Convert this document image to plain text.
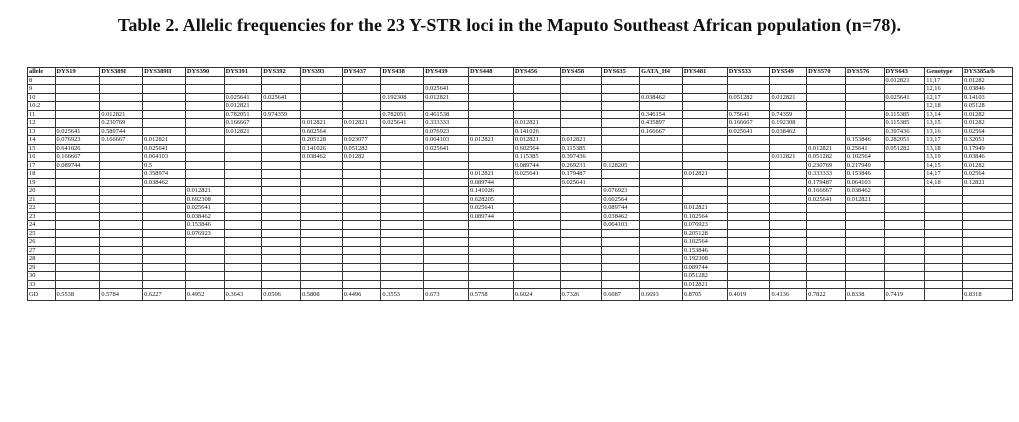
Table 2. Allelic frequencies for the 23 Y-STR loci in the Maputo Southeast African population (n=78).
allele	DYS19	DYS389I	DYS389II	DYS390	DYS391	DYS392	DYS393	DYS437	DYS438	DYS439	DYS448	DYS456	DYS458	DYS635	GATA_H4	DYS481	DYS533	DYS549	DYS570	DYS576	DYS643	Genotype	DYS385a/b
8																					0.012821	11,17	0.01282
9										0.025641												12,16	0.03846
10					0.025641	0.025641			0.192308	0.012821					0.038462		0.051282	0.012821			0.025641	12,17	0.14103
10.2					0.012821																	12,18	0.05128
11		0.012821			0.782051	0.974359			0.782051	0.461538					0.346154		0.75641	0.74359			0.115385	13,14	0.01282
12		0.230769			0.166667		0.012821	0.012821	0.025641	0.333333		0.012821			0.435897		0.166667	0.192308			0.115385	13,15	0.01282
13	0.025641	0.589744			0.012821		0.602564			0.076923		0.141026			0.166667		0.025641	0.038462			0.397436	13,16	0.02564
14	0.076923	0.166667	0.012821				0.205128	0.923077		0.064103	0.012821	0.012821	0.012821							0.153846	0.282051	13,17	0.32051
15	0.641026		0.025641				0.141026	0.051282		0.025641		0.602564	0.115385						0.012821	0.25641	0.051282	13,18	0.17949
16	0.166667		0.064103				0.038462	0.01282				0.115385	0.397436					0.012821	0.051282	0.102564		13,19	0.03846
17	0.089744		0.5									0.089744	0.269231	0.128205					0.230769	0.217949		14,15	0.01282
18			0.358974								0.012821	0.025641	0.179487			0.012821			0.333333	0.153846		14,17	0.02564
19			0.038462								0.089744		0.025641						0.179487	0.064103		14,18	0.12821
20				0.012821							0.141026			0.076923					0.166667	0.038462			
21				0.692308							0.628205			0.602564					0.025641	0.012821			
22				0.025641							0.025641			0.089744		0.012821							
23				0.038462							0.089744			0.038462		0.102564							
24				0.153846										0.064103		0.076923							
25				0.076923												0.205128							
26																0.102564							
27																0.153846							
28																0.192308							
29																0.089744							
30																0.051282							
33																0.012821							
GD	0.5538	0.5784	0.6227	0.4952	0.3643	0.0506	0.5808	0.4496	0.3553	0.673	0.5758	0.6024	0.7326	0.6087	0.6693	0.8705	0.4019	0.4136	0.7822	0.8338	0.7419		0.8318
